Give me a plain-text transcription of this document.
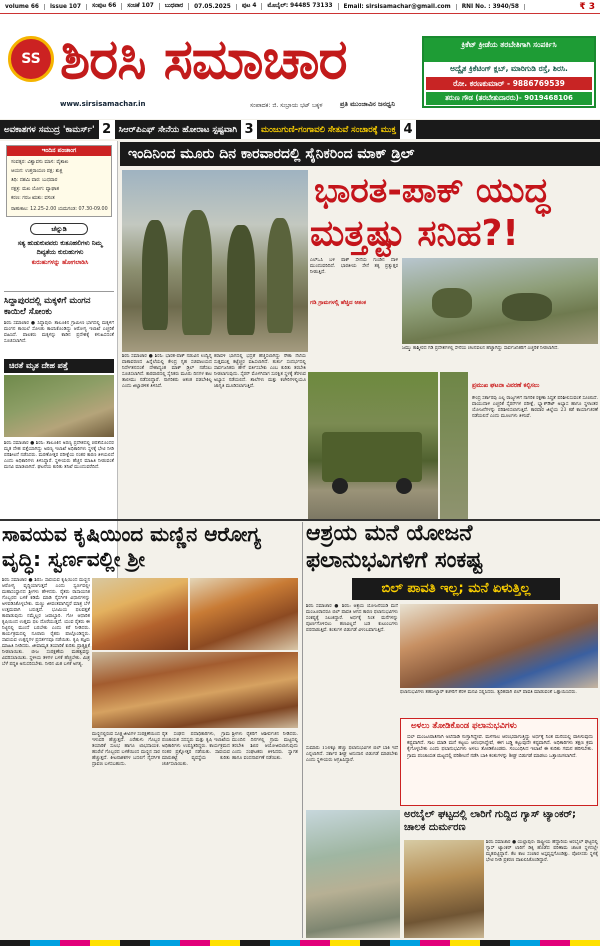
volume 66	issue 107	ಸಂಪುಟ 66	ಸಂಚಿಕೆ 107	ಬುಧವಾರ	07.05.2025	ಪುಟ 4	ಮೊಬೈಲ್: 94485 73133	Email: sirsisamachar@gmail.com	RNI No. : 3940/58	₹ 3
SS ಶಿರಸಿ ಸಮಾಚಾರ
www.sirsisamachar.in	ಸಂಪಾದಕ: ಜಿ. ಸುಬ್ರಾಯ ಭಟ್ ಬಕ್ಕಳ	ಪ್ರತಿ ಮುಂಜಾವಿನ ಜನಧ್ವನಿ
ಕ್ರಿಕೆಟ್ ಕ್ರೀಡೆಯ ತರಬೇತಿಗಾಗಿ ಸಂಪರ್ಕಿಸಿ
ಅದ್ವೈತ ಕ್ರಿಕೆಟಿಂಗ್ ಕ್ಲಬ್, ಮಾರಿಗುಡಿ ರಸ್ತೆ, ಶಿರಸಿ.
ರೋ. ಕರಣಕುಮಾರ್ - 9886769539
ತರುಣ ಗೌಡ (ತರಬೇತುದಾರರು)- 9019468106
ಅವಕಾಶಗಳ ಸಮುದ್ರ 'ಕಾಮರ್ಸ್' 2 ಸಿಆರ್‌ಪಿಎಫ್ ಸೇನೆಯ ಹೋರಾಟ ಸ್ಪಷ್ಟವಾಗಿ 3 ಮಂಜುಗುಣಿ-ಗಂಗಾವಲಿ ಸೇತುವೆ ಸಂಚಾರಕ್ಕೆ ಮುಕ್ತ 4
ಇಂದಿನ ಪಂಚಾಂಗ
ಸಂವತ್ಸರ: ವಿಶ್ವಾವಸು ಮಾಸ: ವೈಶಾಖ
ಆಯನ: ಉತ್ತರಾಯಣ ಪಕ್ಷ: ಶುಕ್ಲ
ತಿಥಿ: ದಶಮಿ ವಾರ: ಬುಧವಾರ
ನಕ್ಷತ್ರ: ಮಖ ಯೋಗ: ವ್ಯಾಘಾತ
ಕರಣ: ಗರಜ ಋತು: ವಸಂತ
ರಾಹುಕಾಲ: 12.25-2.00 ಯಮಗಂಡ: 07.30-09.00
ಚೆನ್ನುಡಿ
ಸತ್ಯ ಹುಡುಕುವವರು ಕುತೂಹಲಿಗಳು ನಿಮ್ಮ ದಿವ್ಯತೆಯ ಕುರುಹುಗಳು
ಕುರುಹುಗಳನ್ನು ಹೋಗಲಾಡಿಸಿ
ಸಿದ್ದಾಪುರದಲ್ಲಿ ಮಕ್ಕಳಿಗೆ ಮಂಗನ ಕಾಯಿಲೆ ಸೋಂಕು
ಶಿರಸಿ ಸಮಾಚಾರ ● ಸಿದ್ದಾಪುರ: ತಾಲೂಕಿನ ಗ್ರಾಮೀಣ ಭಾಗದಲ್ಲಿ ಮಕ್ಕಳಿಗೆ ಮಂಗನ ಕಾಯಿಲೆ ಸೋಂಕು ಕಾಣಿಸಿಕೊಂಡಿದ್ದು ಆರೋಗ್ಯ ಇಲಾಖೆ ಎಚ್ಚರಿಕೆ ವಹಿಸಿದೆ. ಪಾಲಕರು ಮಕ್ಕಳನ್ನು ಕಾಡಿನ ಪ್ರದೇಶಕ್ಕೆ ಕಳುಹಿಸದಂತೆ ಸೂಚಿಸಲಾಗಿದೆ.
ಚಿರತೆ ಮೃತ ದೇಹ ಪತ್ತೆ
ಶಿರಸಿ ಸಮಾಚಾರ ● ಶಿರಸಿ: ತಾಲೂಕಿನ ಅರಣ್ಯ ಪ್ರದೇಶದಲ್ಲಿ ಚಿರತೆಯೊಂದರ ಮೃತ ದೇಹ ಪತ್ತೆಯಾಗಿದ್ದು ಅರಣ್ಯ ಇಲಾಖೆ ಅಧಿಕಾರಿಗಳು ಸ್ಥಳಕ್ಕೆ ಭೇಟಿ ನೀಡಿ ಪರಿಶೀಲನೆ ನಡೆಸಿದರು. ಮರಣೋತ್ತರ ಪರೀಕ್ಷೆಯ ನಂತರ ಕಾರಣ ತಿಳಿಯಲಿದೆ ಎಂದು ಅಧಿಕಾರಿಗಳು ತಿಳಿಸಿದ್ದಾರೆ. ಸ್ಥಳೀಯರು ಹೆಚ್ಚಿನ ಮಾಹಿತಿ ನೀಡುವಂತೆ ಮನವಿ ಮಾಡಲಾಗಿದೆ. ಘಟನೆಯ ಕುರಿತು ತನಿಖೆ ಮುಂದುವರೆದಿದೆ.
ಇಂದಿನಿಂದ ಮೂರು ದಿನ ಕಾರವಾರದಲ್ಲಿ ಸೈನಿಕರಿಂದ ಮಾಕ್ ಡ್ರಿಲ್
ಭಾರತ-ಪಾಕ್ ಯುದ್ಧ
ಮತ್ತಷ್ಟು ಸನಿಹ?!
ಎಲ್‌ಒಸಿ ಬಳಿ ಪಾಕ್ ಸೇನೆಯ ಗುಂಡಿನ ದಾಳಿ ಮುಂದುವರಿದಿದೆ. ಭಾರತೀಯ ಸೇನೆ ತಕ್ಕ ಪ್ರತ್ಯುತ್ತರ ನೀಡುತ್ತಿದೆ.
ಗಡಿ ಗ್ರಾಮಗಳಲ್ಲಿ ಹೆಚ್ಚಿದ ಆತಂಕ
ಶಿರಸಿ ಸಮಾಚಾರ ● ಶಿರಸಿ: ಭಾರತ-ಪಾಕ್ ನಡುವಿನ ಉದ್ವಿಗ್ನ ವಾತಾವರಣದ ಹಿನ್ನೆಲೆಯಲ್ಲಿ ಕೇಂದ್ರ ಗೃಹ ಸಚಿವಾಲಯದ ನಿರ್ದೇಶನದಂತೆ ದೇಶಾದ್ಯಂತ ಮಾಕ್ ಡ್ರಿಲ್ ನಡೆಸಲು ಸೂಚಿಸಲಾಗಿದೆ. ಕಾರವಾರದಲ್ಲಿ ಸೈನಿಕರು ಮೂರು ದಿನಗಳ ಕಾಲ ತಾಲೀಮು ನಡೆಸಲಿದ್ದಾರೆ. ನಾಗರಿಕರು ಆತಂಕ ಪಡಬೇಕಿಲ್ಲ ಎಂದು ಜಿಲ್ಲಾಡಳಿತ ತಿಳಿಸಿದೆ.
ಕರಾವಳಿ ಭಾಗದಲ್ಲಿ ಭದ್ರತೆ ಹೆಚ್ಚಿಸಲಾಗಿದ್ದು ನೌಕಾ ನೆಲೆಯ ಸುತ್ತಮುತ್ತ ಕಟ್ಟೆಚ್ಚರ ವಹಿಸಲಾಗಿದೆ. ತುರ್ತು ಸಂದರ್ಭದಲ್ಲಿ ಸಾರ್ವಜನಿಕರು ಹೇಗೆ ವರ್ತಿಸಬೇಕು ಎಂಬ ಕುರಿತು ತರಬೇತಿ ನೀಡಲಾಗುವುದು. ಸೈರನ್ ಮೊಳಗಿದಾಗ ಸುರಕ್ಷಿತ ಸ್ಥಳಕ್ಕೆ ತೆರಳುವ ಅಭ್ಯಾಸ ನಡೆಯಲಿದೆ. ಶಾಲೆಗಳು ಮತ್ತು ಕಚೇರಿಗಳಲ್ಲಿಯೂ ಜಾಗೃತಿ ಮೂಡಿಸಲಾಗುತ್ತಿದೆ.
ಜಮ್ಮು ಕಾಶ್ಮೀರದ ಗಡಿ ಪ್ರದೇಶಗಳಲ್ಲಿ ಸೇನೆಯ ಚಲನವಲನ ಹೆಚ್ಚಾಗಿದ್ದು ಸಾರ್ವಜನಿಕರಿಗೆ ಎಚ್ಚರಿಕೆ ನೀಡಲಾಗಿದೆ.
ಪ್ರಮುಖ ಘಟನಾ ವಿವರಣೆ ಕಲ್ಪಿಸಲು
ಕೇಂದ್ರ ಸರ್ಕಾರವು ಎಲ್ಲ ರಾಜ್ಯಗಳಿಗೆ ನಾಗರಿಕ ರಕ್ಷಣಾ ಸಿದ್ಧತೆ ಪರಿಶೀಲಿಸುವಂತೆ ಸೂಚಿಸಿದೆ. ವಾಯುದಾಳಿ ಎಚ್ಚರಿಕೆ ಸೈರನ್‌ಗಳ ಪರೀಕ್ಷೆ, ಬ್ಲ್ಯಾಕ್‌ಔಟ್ ಅಭ್ಯಾಸ ಹಾಗೂ ಸ್ಥಳಾಂತರ ಯೋಜನೆಗಳನ್ನು ಪರಿಶೀಲಿಸಲಾಗುತ್ತಿದೆ. ಕಾರವಾರ ಜಿಲ್ಲೆಯ 23 ಕಡೆ ಕಾರ್ಯಾಚರಣೆ ನಡೆಯಲಿದೆ ಎಂದು ಮೂಲಗಳು ತಿಳಿಸಿವೆ.
ಸಾವಯವ ಕೃಷಿಯಿಂದ ಮಣ್ಣಿನ ಆರೋಗ್ಯ ವೃದ್ಧಿ: ಸ್ವರ್ಣವಲ್ಲೀ ಶ್ರೀ
ಶಿರಸಿ ಸಮಾಚಾರ ● ಶಿರಸಿ: ಸಾವಯವ ಕೃಷಿಯಿಂದ ಮಣ್ಣಿನ ಆರೋಗ್ಯ ವೃದ್ಧಿಯಾಗುತ್ತದೆ ಎಂದು ಸ್ವರ್ಣವಲ್ಲೀ ಮಹಾಸಂಸ್ಥಾನದ ಶ್ರೀಗಳು ಹೇಳಿದರು. ರೈತರು ರಾಸಾಯನಿಕ ಗೊಬ್ಬರದ ಬಳಕೆ ಕಡಿಮೆ ಮಾಡಿ ನೈಸರ್ಗಿಕ ವಿಧಾನಗಳನ್ನು ಅಳವಡಿಸಿಕೊಳ್ಳಬೇಕು. ಮಣ್ಣು ಜೀವಂತವಾಗಿದ್ದರೆ ಮಾತ್ರ ಬೆಳೆ ಉತ್ತಮವಾಗಿ ಬರುತ್ತದೆ. ಭೂಮಿಯ ಫಲವತ್ತತೆ ಕಾಪಾಡುವುದು ನಮ್ಮೆಲ್ಲರ ಜವಾಬ್ದಾರಿ. ಗೋ ಆಧಾರಿತ ಕೃಷಿಯಿಂದ ಉತ್ತಮ ಫಲ ದೊರೆಯುತ್ತದೆ. ಯುವ ರೈತರು ಈ ನಿಟ್ಟಿನಲ್ಲಿ ಮುಂದೆ ಬರಬೇಕು ಎಂದು ಕರೆ ನೀಡಿದರು. ಕಾರ್ಯಕ್ರಮದಲ್ಲಿ ನೂರಾರು ರೈತರು ಪಾಲ್ಗೊಂಡಿದ್ದರು. ಸಾವಯವ ಉತ್ಪನ್ನಗಳ ಪ್ರದರ್ಶನವೂ ನಡೆಯಿತು. ಕೃಷಿ ತಜ್ಞರು ಮಾಹಿತಿ ನೀಡಿದರು. ಜೀವಾಮೃತ ತಯಾರಿಕೆ ಕುರಿತು ಪ್ರಾತ್ಯಕ್ಷಿಕೆ ನೀಡಲಾಯಿತು. ಬೀಜ ಸಂರಕ್ಷಣೆಯ ಮಹತ್ವವನ್ನು ವಿವರಿಸಲಾಯಿತು. ಸ್ಥಳೀಯ ತಳಿಗಳ ಬಳಕೆ ಹೆಚ್ಚಬೇಕು. ಮಿಶ್ರ ಬೆಳೆ ಪದ್ಧತಿ ಅನುಸರಿಸಬೇಕು. ನೀರಿನ ಮಿತ ಬಳಕೆ ಅಗತ್ಯ.
ಮಣ್ಣಿನಲ್ಲಿರುವ ಸೂಕ್ಷ್ಮಜೀವಿಗಳ ಸಂರಕ್ಷಣೆಯಿಂದ ಇಳುವರಿ ಹೆಚ್ಚುತ್ತದೆ. ಎರೆಹುಳು ಗೊಬ್ಬರ ತಯಾರಿಕೆ ಸುಲಭ ಹಾಗೂ ಲಾಭದಾಯಕ. ಹಸಿರೆಲೆ ಗೊಬ್ಬರದ ಬಳಕೆಯಿಂದ ಮಣ್ಣಿನ ಸಾರ ಹೆಚ್ಚುತ್ತದೆ. ಕೀಟನಾಶಕಗಳ ಬದಲಿಗೆ ನೈಸರ್ಗಿಕ ದ್ರಾವಣ ಬಳಸಬಹುದು.
ರೈತ ಸಂಘದ ಪದಾಧಿಕಾರಿಗಳು, ಗ್ರಾಮ ಪಂಚಾಯತ ಸದಸ್ಯರು ಮತ್ತು ಕೃಷಿ ಇಲಾಖೆಯ ಅಧಿಕಾರಿಗಳು ಉಪಸ್ಥಿತರಿದ್ದರು. ಕಾರ್ಯಕ್ರಮದ ನಂತರ ಪ್ರಶ್ನೋತ್ತರ ನಡೆಯಿತು. ಸಾವಯವ ಮಾರುಕಟ್ಟೆ ವ್ಯವಸ್ಥೆಯ ಕುರಿತು ಚರ್ಚಿಸಲಾಯಿತು.
ಶ್ರೀಗಳು ರೈತರಿಗೆ ಆಶೀರ್ವಚನ ನೀಡಿದರು. ಮುಂದಿನ ದಿನಗಳಲ್ಲಿ ಗ್ರಾಮ ಮಟ್ಟದಲ್ಲಿ ತರಬೇತಿ ಶಿಬಿರ ಆಯೋಜಿಸಲಾಗುವುದು ಎಂದು ಸಂಘಟಕರು ತಿಳಿಸಿದರು. ಸ್ವಾಗತ ಹಾಗೂ ವಂದನಾರ್ಪಣೆ ನಡೆಯಿತು.
ಆಶ್ರಯ ಮನೆ ಯೋಜನೆ ಫಲಾನುಭವಿಗಳಿಗೆ ಸಂಕಷ್ಟ
ಬಿಲ್ ಪಾವತಿ ಇಲ್ಲ; ಮನೆ ಏಳುತ್ತಿಲ್ಲ
ಶಿರಸಿ ಸಮಾಚಾರ ● ಶಿರಸಿ: ಆಶ್ರಯ ಯೋಜನೆಯಡಿ ಮನೆ ಮಂಜೂರಾದರೂ ಬಿಲ್ ಪಾವತಿ ಆಗದ ಕಾರಣ ಫಲಾನುಭವಿಗಳು ಸಂಕಷ್ಟಕ್ಕೆ ಸಿಲುಕಿದ್ದಾರೆ. ಅರ್ಧಕ್ಕೆ ನಿಂತ ಮನೆಗಳನ್ನು ಪೂರ್ಣಗೊಳಿಸಲು ಹಣವಿಲ್ಲದೆ ಬಡ ಕುಟುಂಬಗಳು ಪರದಾಡುತ್ತಿವೆ. ಕಂತುಗಳ ಬಿಡುಗಡೆ ವಿಳಂಬವಾಗುತ್ತಿದೆ.
ಫಲಾನುಭವಿಗಳು ತಹಸೀಲ್ದಾರ್ ಕಚೇರಿಗೆ ತೆರಳಿ ಮನವಿ ಸಲ್ಲಿಸಿದರು. ತ್ವರಿತವಾಗಿ ಬಿಲ್ ಪಾವತಿ ಮಾಡುವಂತೆ ಒತ್ತಾಯಿಸಿದರು.
ಅಳಲು ತೋಡಿಕೊಂಡ ಫಲಾನುಭವಿಗಳು
ಬಿಲ್ ಮಂಜೂರಾತಿಗಾಗಿ ಅಲೆದಾಡಿ ಸುಸ್ತಾಗಿದ್ದೇವೆ. ಮಳೆಗಾಲ ಆರಂಭವಾಗುತ್ತಿದ್ದು ಅರ್ಧಕ್ಕೆ ನಿಂತ ಮನೆಯಲ್ಲಿ ವಾಸಿಸುವುದು ಕಷ್ಟವಾಗಿದೆ. ಸಾಲ ಮಾಡಿ ಮನೆ ಕಟ್ಟಲು ಆರಂಭಿಸಿದ್ದೇವೆ, ಈಗ ಬಡ್ಡಿ ಕಟ್ಟುವುದೇ ಕಷ್ಟವಾಗಿದೆ. ಅಧಿಕಾರಿಗಳು ತಕ್ಷಣ ಕ್ರಮ ಕೈಗೊಳ್ಳಬೇಕು ಎಂದು ಫಲಾನುಭವಿಗಳು ಅಳಲು ತೋಡಿಕೊಂಡರು. ಸಂಬಂಧಿಸಿದ ಇಲಾಖೆ ಈ ಕುರಿತು ಗಮನ ಹರಿಸಬೇಕು. ಗ್ರಾಮ ಪಂಚಾಯತ ಮಟ್ಟದಲ್ಲಿ ಪರಿಶೀಲನೆ ನಡೆಸಿ ಬಾಕಿ ಕಂತುಗಳನ್ನು ಶೀಘ್ರ ಬಿಡುಗಡೆ ಮಾಡಲು ಒತ್ತಾಯಿಸಲಾಗಿದೆ.
ಸುಮಾರು 150ಕ್ಕೂ ಹೆಚ್ಚು ಫಲಾನುಭವಿಗಳ ಬಿಲ್ ಬಾಕಿ ಇದೆ ಎನ್ನಲಾಗಿದೆ. ಸರ್ಕಾರ ಶೀಘ್ರ ಅನುದಾನ ಬಿಡುಗಡೆ ಮಾಡಬೇಕು ಎಂದು ಸ್ಥಳೀಯರು ಆಗ್ರಹಿಸಿದ್ದಾರೆ.
ಅರಬೈಲ್ ಘಟ್ಟದಲ್ಲಿ ಲಾರಿಗೆ ಗುದ್ದಿದ ಗ್ಯಾಸ್ ಟ್ಯಾಂಕರ್; ಚಾಲಕ ದುರ್ಮರಣ
ಶಿರಸಿ ಸಮಾಚಾರ ● ಯಲ್ಲಾಪುರ: ರಾಷ್ಟ್ರೀಯ ಹೆದ್ದಾರಿಯ ಅರಬೈಲ್ ಘಟ್ಟದಲ್ಲಿ ಗ್ಯಾಸ್ ಟ್ಯಾಂಕರ್ ಲಾರಿಗೆ ಡಿಕ್ಕಿ ಹೊಡೆದ ಪರಿಣಾಮ ಚಾಲಕ ಸ್ಥಳದಲ್ಲೇ ಮೃತಪಟ್ಟಿದ್ದಾನೆ. ಕೆಲ ಕಾಲ ಸಂಚಾರ ಅಸ್ತವ್ಯಸ್ತಗೊಂಡಿತ್ತು. ಪೊಲೀಸರು ಸ್ಥಳಕ್ಕೆ ಭೇಟಿ ನೀಡಿ ಪ್ರಕರಣ ದಾಖಲಿಸಿಕೊಂಡಿದ್ದಾರೆ.
